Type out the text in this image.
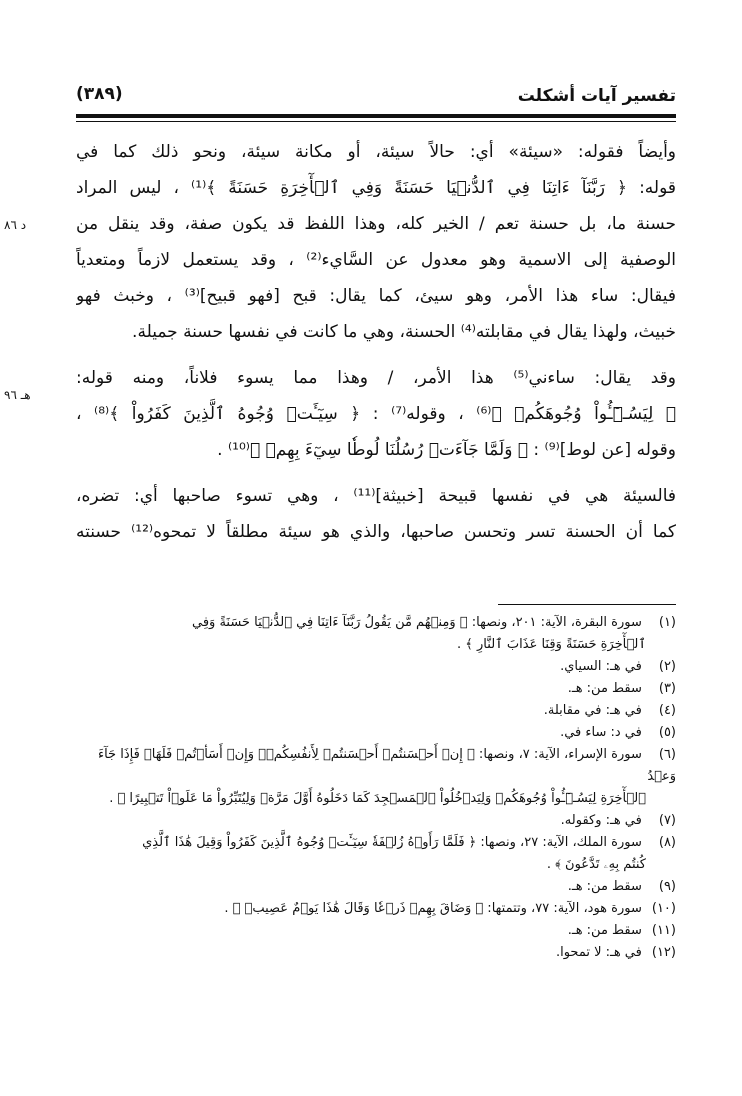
تفسير آيات أشكلت
(٣٨٩)
د ٨٦
هـ ٩٦
وأيضاً فقوله: «سيئة» أي: حالاً سيئة، أو مكانة سيئة، ونحو ذلك كما في
قوله: ﴿ رَبَّنَآ ءَاتِنَا فِي ٱلدُّنۡيَا حَسَنَةً وَفِي ٱلۡأٓخِرَةِ حَسَنَةً ﴾⁽¹⁾ ، ليس المراد
حسنة ما، بل حسنة تعم / الخير كله، وهذا اللفظ قد يكون صفة، وقد ينقل من
الوصفية إلى الاسمية وهو معدول عن السَّايء⁽²⁾ ، وقد يستعمل لازماً ومتعدياً
فيقال: ساء هذا الأمر، وهو سيئ، كما يقال: قبح [فهو قبيح]⁽³⁾ ، وخبث فهو
خبيث، ولهذا يقال في مقابلته⁽⁴⁾ الحسنة، وهي ما كانت في نفسها حسنة جميلة.
وقد يقال: ساءني⁽⁵⁾ هذا الأمر، / وهذا مما يسوء فلاناً، ومنه قوله:
﴿ لِيَسُـۥٓـُٔواْ وُجُوهَكُمۡ ﴾⁽⁶⁾ ، وقوله⁽⁷⁾ : ﴿ سِيٓـَٔتۡ وُجُوهُ ٱلَّذِينَ كَفَرُواْ ﴾⁽⁸⁾ ،
وقوله [عن لوط]⁽⁹⁾ : ﴿ وَلَمَّا جَآءَتۡ رُسُلُنَا لُوطٗا سِيٓءَ بِهِمۡ ﴾⁽¹⁰⁾ .
فالسيئة هي في نفسها قبيحة [خبيثة]⁽¹¹⁾ ، وهي تسوء صاحبها أي: تضره،
كما أن الحسنة تسر وتحسن صاحبها، والذي هو سيئة مطلقاً لا تمحوه⁽¹²⁾ حسنته
(١) سورة البقرة، الآية: ٢٠١، ونصها: ﴿ وَمِنۡهُم مَّن يَقُولُ رَبَّنَآ ءَاتِنَا فِي ٱلدُّنۡيَا حَسَنَةً وَفِي
ٱلۡأٓخِرَةِ حَسَنَةً وَقِنَا عَذَابَ ٱلنَّارِ ﴾ .
(٢) في هـ: السياي.
(٣) سقط من: هـ.
(٤) في هـ: في مقابلة.
(٥) في د: ساء في.
(٦) سورة الإسراء، الآية: ٧، ونصها: ﴿ إِنۡ أَحۡسَنتُمۡ أَحۡسَنتُمۡ لِأَنفُسِكُمۡۖ وَإِنۡ أَسَأۡتُمۡ فَلَهَاۚ فَإِذَا جَآءَ وَعۡدُ
ٱلۡأٓخِرَةِ لِيَسُـۥٓـُٔواْ وُجُوهَكُمۡ وَلِيَدۡخُلُواْ ٱلۡمَسۡجِدَ كَمَا دَخَلُوهُ أَوَّلَ مَرَّةٖ وَلِيُتَبِّرُواْ مَا عَلَوۡاْ تَتۡبِيرًا ﴾ .
(٧) في هـ: وكقوله.
(٨) سورة الملك، الآية: ٢٧، ونصها: ﴿ فَلَمَّا رَأَوۡهُ زُلۡفَةٗ سِيٓـَٔتۡ وُجُوهُ ٱلَّذِينَ كَفَرُواْ وَقِيلَ هَٰذَا ٱلَّذِي
كُنتُم بِهِۦ تَدَّعُونَ ﴾ .
(٩) سقط من: هـ.
(١٠) سورة هود، الآية: ٧٧، وتتمتها: ﴿ وَضَاقَ بِهِمۡ ذَرۡعٗا وَقَالَ هَٰذَا يَوۡمٌ عَصِيبٞ ﴾ .
(١١) سقط من: هـ.
(١٢) في هـ: لا تمحوا.
